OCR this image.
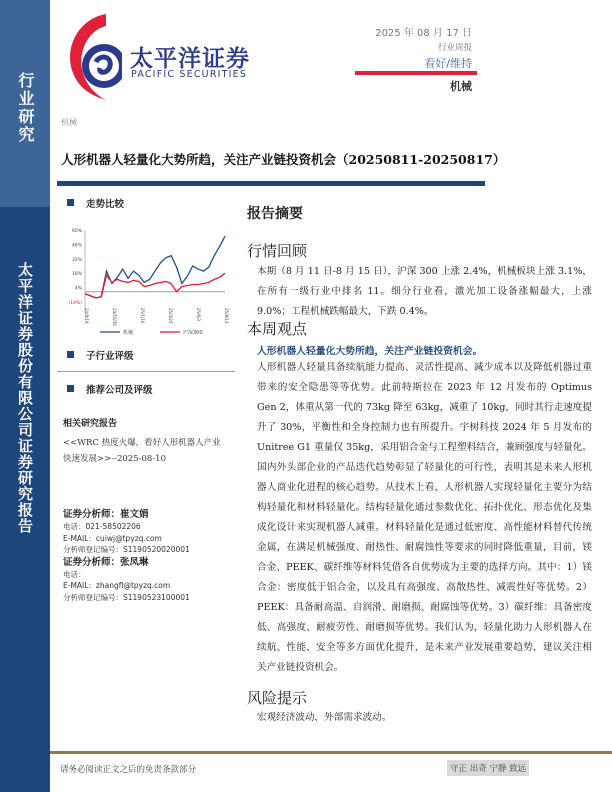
行业研究
太平洋证券股份有限公司证券研究报告
太平洋证券
PACIFIC SECURITIES
2025 年 08 月 17 日
行业周报
看好/维持
机械
机械
人形机器人轻量化大势所趋，关注产业链投资机会（20250811-20250817）
走势比较
60%
46%
32%
18%
4%
(10%)
24/8/19	24/10/30	25/1/10	25/3/23	25/6/3	25/8/14
机械	沪深300
子行业评级
推荐公司及评级
相关研究报告
<<WRC 热度火爆，看好人形机器人产业快速发展>>--2025-08-10
证券分析师：崔文娟
电话：021-58502206
E-MAIL：cuiwj@tpyzq.com
分析师登记编号：S1190520020001
证券分析师：张凤琳
电话：
E-MAIL：zhangfl@tpyzq.com
分析师登记编号：S1190523100001
报告摘要
行情回顾
本期（8 月 11 日-8 月 15 日），沪深 300 上涨 2.4%，机械板块上涨 3.1%，在所有一级行业中排名 11。细分行业看，激光加工设备涨幅最大，上涨 9.0%；工程机械跌幅最大，下跌 0.4%。
本周观点
人形机器人轻量化大势所趋，关注产业链投资机会。
人形机器人轻量具备续航能力提高、灵活性提高、减少成本以及降低机器过重带来的安全隐患等等优势。此前特斯拉在 2023 年 12 月发布的 Optimus Gen 2，体重从第一代的 73kg 降至 63kg，减重了 10kg，同时其行走速度提升了 30%，平衡性和全身控制力也有所提升。宇树科技 2024 年 5 月发布的 Unitree G1 重量仅 35kg，采用铝合金与工程塑料结合，兼顾强度与轻量化。国内外头部企业的产品迭代趋势彰显了轻量化的可行性，表明其是未来人形机器人商业化进程的核心趋势。从技术上看，人形机器人实现轻量化主要分为结构轻量化和材料轻量化。结构轻量化通过参数优化、拓扑优化、形态优化及集成化设计来实现机器人减重。材料轻量化是通过低密度、高性能材料替代传统金属，在满足机械强度、耐热性、耐腐蚀性等要求的同时降低重量，目前，镁合金、PEEK、碳纤维等材料凭借各自优势成为主要的选择方向。其中：1）镁合金：密度低于铝合金，以及具有高强度、高散热性、减震性好等优势。2）PEEK：具备耐高温、自润滑、耐磨损、耐腐蚀等优势。3）碳纤维：具备密度低、高强度、耐疲劳性、耐磨损等优势。我们认为，轻量化助力人形机器人在续航、性能、安全等多方面优化提升，是未来产业发展重要趋势，建议关注相关产业链投资机会。
风险提示
宏观经济波动，外部需求波动。
请务必阅读正文之后的免责条款部分	守正 出奇 宁静 致远
